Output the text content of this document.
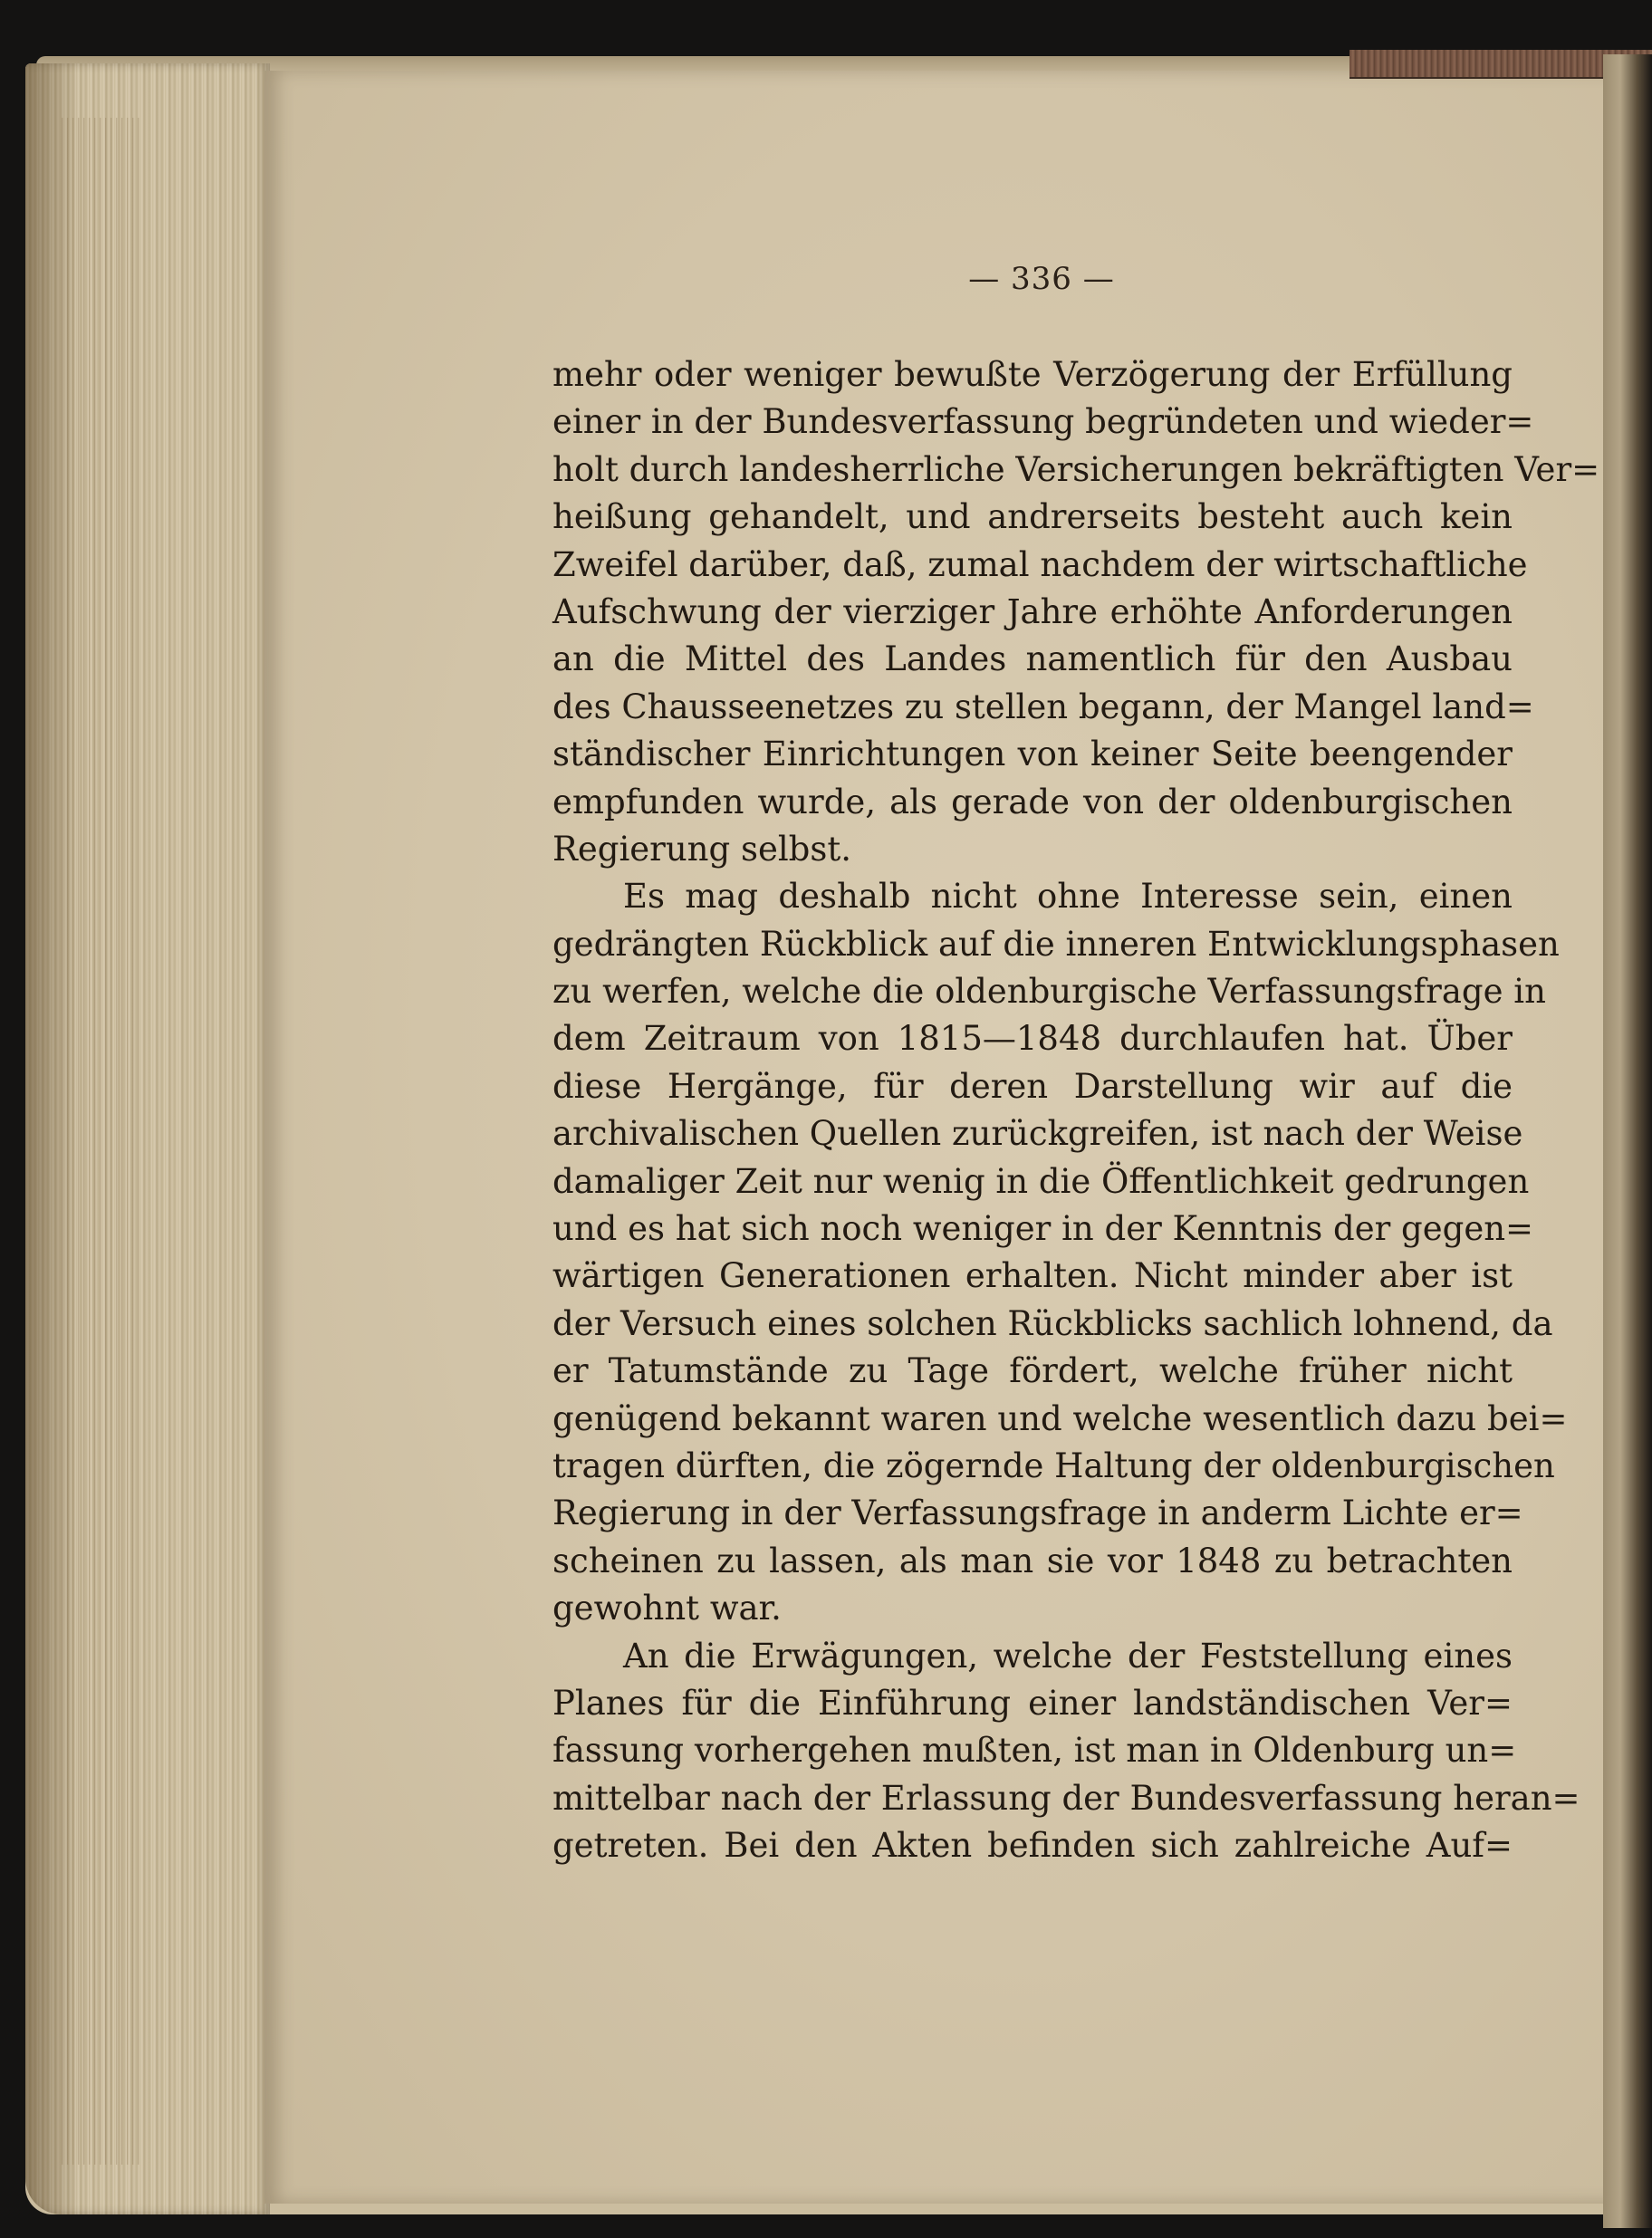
— 336 —
mehr oder weniger bewußte Verzögerung der Erfüllung
einer in der Bundesverfassung begründeten und wieder=
holt durch landesherrliche Versicherungen bekräftigten Ver=
heißung gehandelt, und andrerseits besteht auch kein
Zweifel darüber, daß, zumal nachdem der wirtschaftliche
Aufschwung der vierziger Jahre erhöhte Anforderungen
an die Mittel des Landes namentlich für den Ausbau
des Chausseenetzes zu stellen begann, der Mangel land=
ständischer Einrichtungen von keiner Seite beengender
empfunden wurde, als gerade von der oldenburgischen
Regierung selbst.
Es mag deshalb nicht ohne Interesse sein, einen
gedrängten Rückblick auf die inneren Entwicklungsphasen
zu werfen, welche die oldenburgische Verfassungsfrage in
dem Zeitraum von 1815—1848 durchlaufen hat. Über
diese Hergänge, für deren Darstellung wir auf die
archivalischen Quellen zurückgreifen, ist nach der Weise
damaliger Zeit nur wenig in die Öffentlichkeit gedrungen
und es hat sich noch weniger in der Kenntnis der gegen=
wärtigen Generationen erhalten. Nicht minder aber ist
der Versuch eines solchen Rückblicks sachlich lohnend, da
er Tatumstände zu Tage fördert, welche früher nicht
genügend bekannt waren und welche wesentlich dazu bei=
tragen dürften, die zögernde Haltung der oldenburgischen
Regierung in der Verfassungsfrage in anderm Lichte er=
scheinen zu lassen, als man sie vor 1848 zu betrachten
gewohnt war.
An die Erwägungen, welche der Feststellung eines
Planes für die Einführung einer landständischen Ver=
fassung vorhergehen mußten, ist man in Oldenburg un=
mittelbar nach der Erlassung der Bundesverfassung heran=
getreten. Bei den Akten befinden sich zahlreiche Auf=
